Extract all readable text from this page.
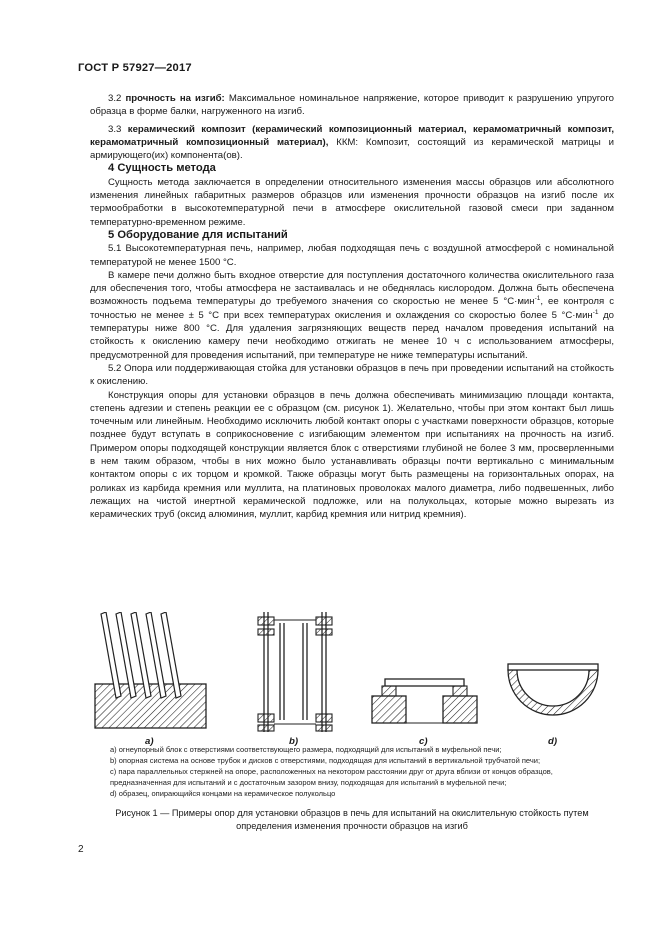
ГОСТ Р 57927—2017

3.2 прочность на изгиб: Максимальное номинальное напряжение, которое приводит к разрушению упругого образца в форме балки, нагруженного на изгиб.

3.3 керамический композит (керамический композиционный материал, керамоматричный композит, керамоматричный композиционный материал), ККМ: Композит, состоящий из керамической матрицы и армирующего(их) компонента(ов).

4 Сущность метода

Сущность метода заключается в определении относительного изменения массы образцов или абсолютного изменения линейных габаритных размеров образцов или изменения прочности образцов на изгиб после их термообработки в высокотемпературной печи в атмосфере окислительной газовой смеси при заданном температурно-временном режиме.

5 Оборудование для испытаний

5.1 Высокотемпературная печь, например, любая подходящая печь с воздушной атмосферой с номинальной температурой не менее 1500 °С.

В камере печи должно быть входное отверстие для поступления достаточного количества окислительного газа для обеспечения того, чтобы атмосфера не застаивалась и не обеднялась кислородом. Должна быть обеспечена возможность подъема температуры до требуемого значения со скоростью не менее 5 °С·мин$^{-1}$, ее контроля с точностью не менее ± 5 °С при всех температурах окисления и охлаждения со скоростью более 5 °С·мин$^{-1}$ до температуры ниже 800 °С. Для удаления загрязняющих веществ перед началом проведения испытаний на стойкость к окислению камеру печи необходимо отжигать не менее 10 ч с использованием атмосферы, предусмотренной для проведения испытаний, при температуре не ниже температуры испытаний.

5.2 Опора или поддерживающая стойка для установки образцов в печь при проведении испытаний на стойкость к окислению.

Конструкция опоры для установки образцов в печь должна обеспечивать минимизацию площади контакта, степень адгезии и степень реакции ее с образцом (см. рисунок 1). Желательно, чтобы при этом контакт был лишь точечным или линейным. Необходимо исключить любой контакт опоры с участками поверхности образцов, которые позднее будут вступать в соприкосновение с изгибающим элементом при испытаниях на прочность на изгиб. Примером опоры подходящей конструкции является блок с отверстиями глубиной не более 3 мм, просверленными в нем таким образом, чтобы в них можно было устанавливать образцы почти вертикально с минимальным контактом опоры с их торцом и кромкой. Также образцы могут быть размещены на горизонтальных опорах, на роликах из карбида кремния или муллита, на платиновых проволоках малого диаметра, либо подвешенных, либо лежащих на чистой инертной керамической подложке, или на полукольцах, которые можно вырезать из керамических труб (оксид алюминия, муллит, карбид кремния или нитрид кремния).

а)	b)	с)	d)
а) огнеупорный блок с отверстиями соответствующего размера, подходящий для испытаний в муфельной печи;
b) опорная система на основе трубок и дисков с отверстиями, подходящая для испытаний в вертикальной трубчатой печи;
с) пара параллельных стержней на опоре, расположенных на некотором расстоянии друг от друга вблизи от концов образцов, предназначенная для испытаний и с достаточным зазором внизу, подходящая для испытаний в муфельной печи;
d) образец, опирающийся концами на керамическое полукольцо
Рисунок 1 — Примеры опор для установки образцов в печь для испытаний на окислительную стойкость путем
определения изменения прочности образцов на изгиб
2
